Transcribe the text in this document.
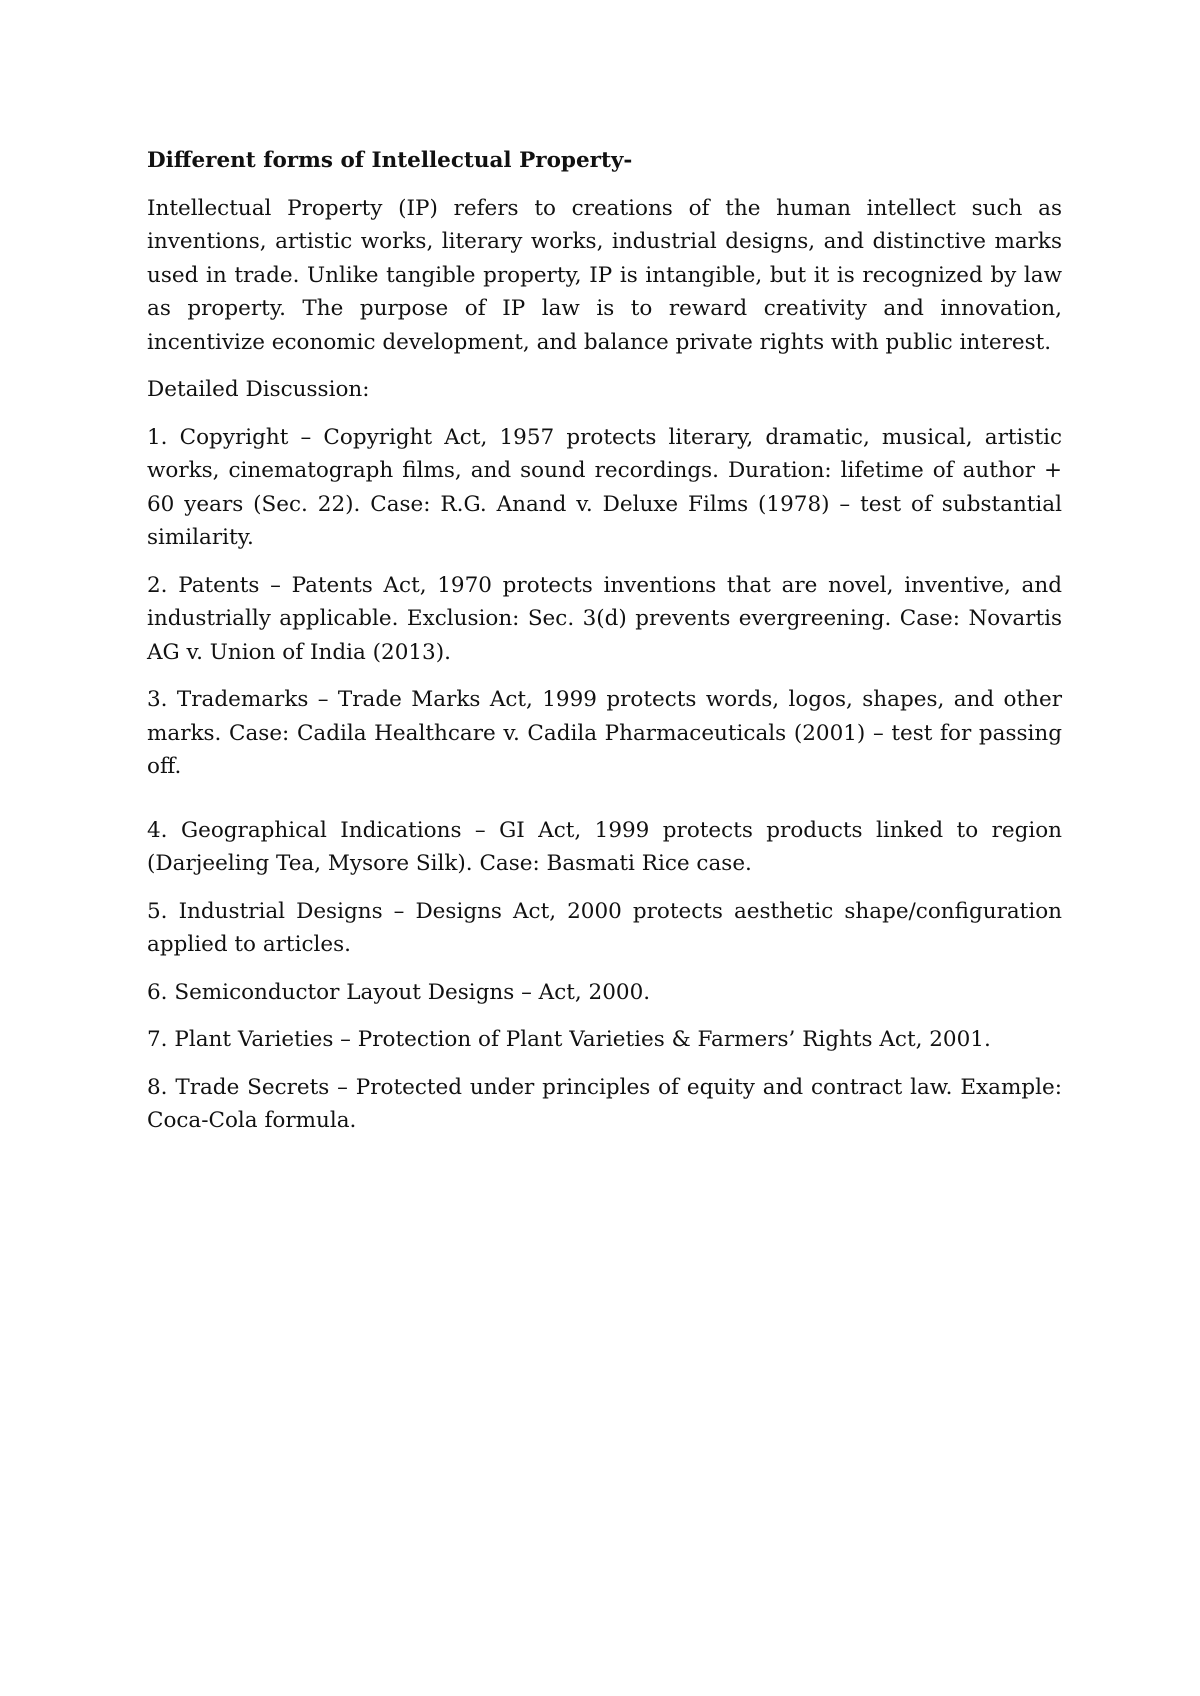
Different forms of Intellectual Property-

Intellectual Property (IP) refers to creations of the human intellect such as inventions, artistic works, literary works, industrial designs, and distinctive marks used in trade. Unlike tangible property, IP is intangible, but it is recognized by law as property. The purpose of IP law is to reward creativity and innovation, incentivize economic development, and balance private rights with public interest.

Detailed Discussion:

1. Copyright – Copyright Act, 1957 protects literary, dramatic, musical, artistic works, cinematograph films, and sound recordings. Duration: lifetime of author + 60 years (Sec. 22). Case: R.G. Anand v. Deluxe Films (1978) – test of substantial similarity.

2. Patents – Patents Act, 1970 protects inventions that are novel, inventive, and industrially applicable. Exclusion: Sec. 3(d) prevents evergreening. Case: Novartis AG v. Union of India (2013).

3. Trademarks – Trade Marks Act, 1999 protects words, logos, shapes, and other marks. Case: Cadila Healthcare v. Cadila Pharmaceuticals (2001) – test for passing off.

4. Geographical Indications – GI Act, 1999 protects products linked to region (Darjeeling Tea, Mysore Silk). Case: Basmati Rice case.

5. Industrial Designs – Designs Act, 2000 protects aesthetic shape/configuration applied to articles.

6. Semiconductor Layout Designs – Act, 2000.

7. Plant Varieties – Protection of Plant Varieties & Farmers’ Rights Act, 2001.

8. Trade Secrets – Protected under principles of equity and contract law. Example: Coca-Cola formula.
